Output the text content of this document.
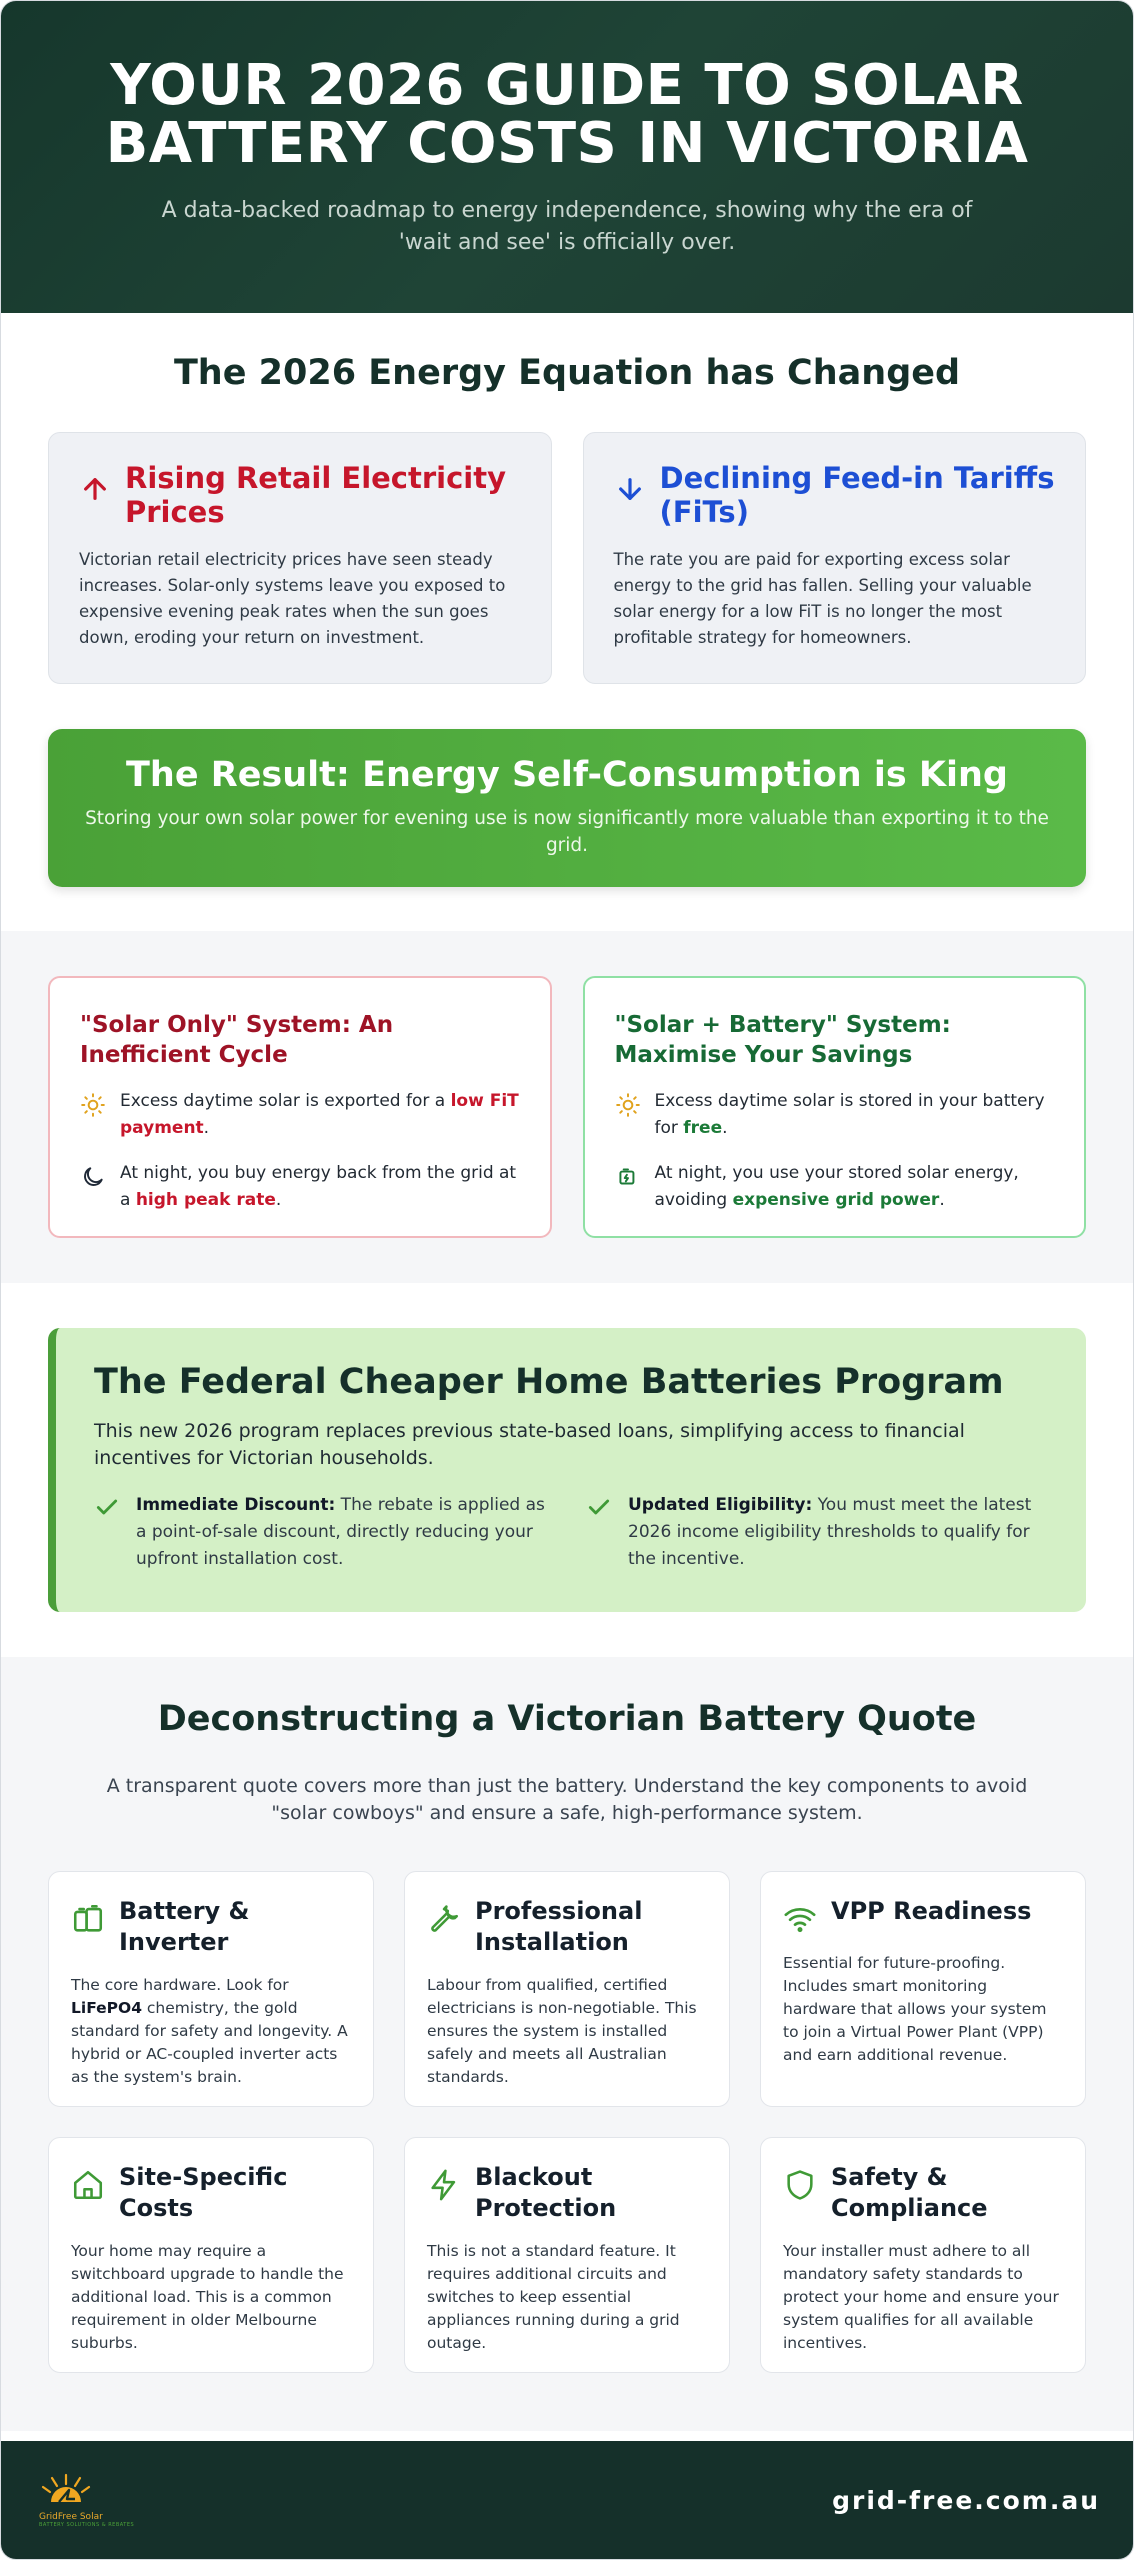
YOUR 2026 GUIDE TO SOLAR BATTERY COSTS IN VICTORIA

A data-backed roadmap to energy independence, showing why the era of 'wait and see' is officially over.

The 2026 Energy Equation has Changed
Rising Retail Electricity Prices

Victorian retail electricity prices have seen steady increases. Solar-only systems leave you exposed to expensive evening peak rates when the sun goes down, eroding your return on investment.

Declining Feed-in Tariffs (FiTs)

The rate you are paid for exporting excess solar energy to the grid has fallen. Selling your valuable solar energy for a low FiT is no longer the most profitable strategy for homeowners.

The Result: Energy Self-Consumption is King

Storing your own solar power for evening use is now significantly more valuable than exporting it to the grid.

"Solar Only" System: An Inefficient Cycle
Excess daytime solar is exported for a low FiT payment.
At night, you buy energy back from the grid at a high peak rate.
"Solar + Battery" System: Maximise Your Savings
Excess daytime solar is stored in your battery for free.
At night, you use your stored solar energy, avoiding expensive grid power.
The Federal Cheaper Home Batteries Program

This new 2026 program replaces previous state-based loans, simplifying access to financial incentives for Victorian households.

Immediate Discount: The rebate is applied as a point-of-sale discount, directly reducing your upfront installation cost.
Updated Eligibility: You must meet the latest 2026 income eligibility thresholds to qualify for the incentive.
Deconstructing a Victorian Battery Quote

A transparent quote covers more than just the battery. Understand the key components to avoid "solar cowboys" and ensure a safe, high-performance system.

Battery & Inverter

The core hardware. Look for LiFePO4 chemistry, the gold standard for safety and longevity. A hybrid or AC-coupled inverter acts as the system's brain.

Professional Installation

Labour from qualified, certified electricians is non-negotiable. This ensures the system is installed safely and meets all Australian standards.

VPP Readiness

Essential for future-proofing. Includes smart monitoring hardware that allows your system to join a Virtual Power Plant (VPP) and earn additional revenue.

Site-Specific Costs

Your home may require a switchboard upgrade to handle the additional load. This is a common requirement in older Melbourne suburbs.

Blackout Protection

This is not a standard feature. It requires additional circuits and switches to keep essential appliances running during a grid outage.

Safety & Compliance

Your installer must adhere to all mandatory safety standards to protect your home and ensure your system qualifies for all available incentives.

GridFree Solar
BATTERY SOLUTIONS & REBATES
grid-free.com.au
